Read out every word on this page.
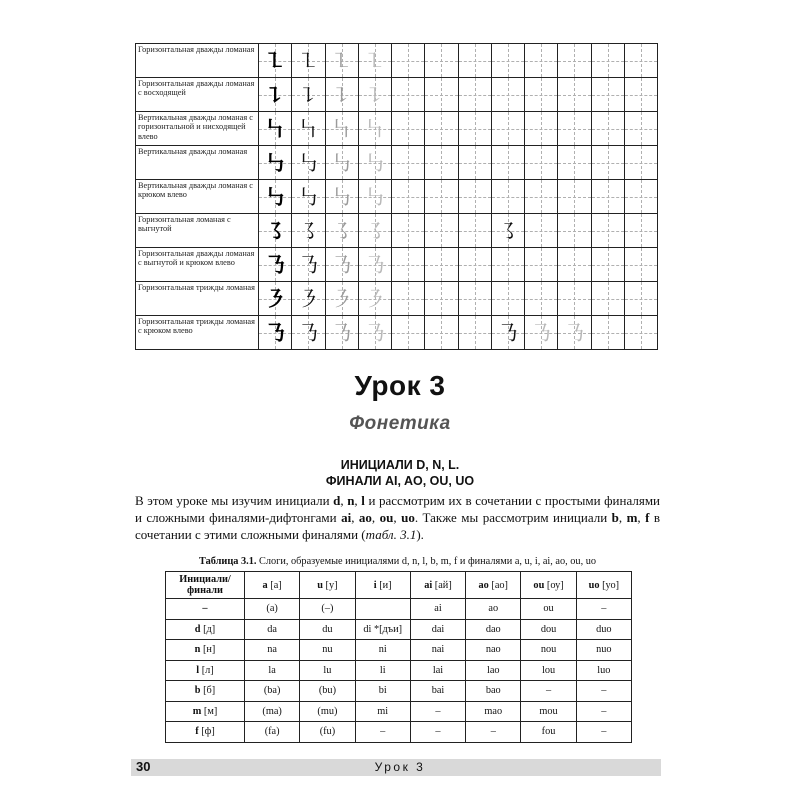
Горизонтальная дважды ломаная	㇅	㇅	㇅	㇅								

Горизонтальная дважды ломаная с восходящей	㇊	㇊	㇊	㇊								

Вертикальная дважды ломаная с горизонтальной и нисходящей влево	㇞	㇞	㇞	㇞								

Вертикальная дважды ломаная	㇉	㇉	㇉	㇉								

Вертикальная дважды ломаная с крюком влево	㇉	㇉	㇉	㇉								

Горизонтальная ломаная с выгнутой	㇌	㇌	㇌	㇌				㇌				

Горизонтальная дважды ломаная с выгнутой и крюком влево	㇡	㇡	㇡	㇡								

Горизонтальная трижды ломаная	㇋	㇋	㇋	㇋								

Горизонтальная трижды ломаная с крюком влево	㇡	㇡	㇡	㇡				㇡	㇡	㇡		

Урок 3
Фонетика
ИНИЦИАЛИ D, N, L.
ФИНАЛИ AI, AO, OU, UO
В этом уроке мы изучим инициали d, n, l и рассмотрим их в сочетании с простыми финалями и сложными финалями-дифтонгами ai, ao, ou, uo. Также мы рассмотрим инициали b, m, f в сочетании с этими сложными финалями (табл. 3.1).
Таблица 3.1. Слоги, образуемые инициалями d, n, l, b, m, f и финалями a, u, i, ai, ao, ou, uo
Инициали/ финали	a [а]	u [у]	i [и]	ai [ай]	ao [ао]	ou [оу]	uo [уо]
–	(a)	(–)		ai	ao	ou	–
d [д]	da	du	di *[дъи]	dai	dao	dou	duo
n [н]	na	nu	ni	nai	nao	nou	nuo
l [л]	la	lu	li	lai	lao	lou	luo
b [б]	(ba)	(bu)	bi	bai	bao	–	–
m [м]	(ma)	(mu)	mi	–	mao	mou	–
f [ф]	(fa)	(fu)	–	–	–	fou	–
30	Урок 3
